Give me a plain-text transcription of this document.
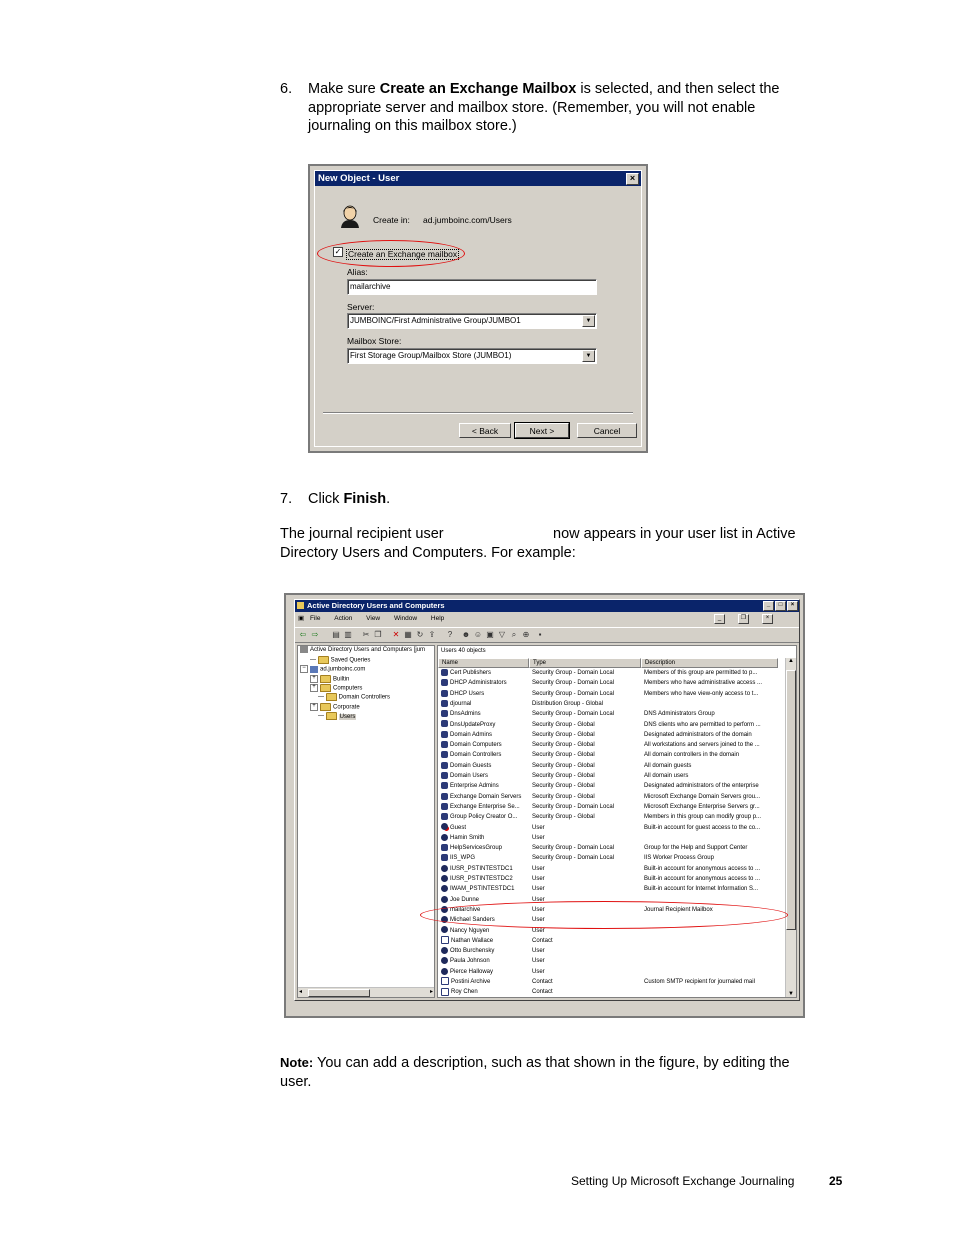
6. Make sure Create an Exchange Mailbox is selected, and then select the
appropriate server and mailbox store. (Remember, you will not enable
journaling on this mailbox store.)
New Object - User	×
Create in: ad.jumboinc.com/Users
✓ Create an Exchange mailbox
Alias:
mailarchive
Server:
JUMBOINC/First Administrative Group/JUMBO1	▼
Mailbox Store:
First Storage Group/Mailbox Store (JUMBO1)	▼
< Back	Next >	Cancel
7. Click Finish.
The journal recipient user	now appears in your user list in Active
Directory Users and Computers. For example:
Active Directory Users and Computers	_ □ ×
▣ File Action View Window Help	_	❐	×
⇦ ⇨ ▤ ▥ ✂ ❐ ✕ ▦ ↻ ⇪	?	☻ ☺ ▣ ▽ ⌕ ⊕	▪
Active Directory Users and Computers [jum
— Saved Queries
− ad.jumboinc.com
+	Builtin
+	Computers
— Domain Controllers
+	Corporate
— Users
◂	▸
Users 40 objects
Name	Type	Description
Cert Publishers	Security Group - Domain Local	Members of this group are permitted to p...
DHCP Administrators	Security Group - Domain Local	Members who have administrative access ...
DHCP Users	Security Group - Domain Local	Members who have view-only access to t...
djournal	Distribution Group - Global
DnsAdmins	Security Group - Domain Local	DNS Administrators Group
DnsUpdateProxy	Security Group - Global	DNS clients who are permitted to perform ...
Domain Admins	Security Group - Global	Designated administrators of the domain
Domain Computers	Security Group - Global	All workstations and servers joined to the ...
Domain Controllers	Security Group - Global	All domain controllers in the domain
Domain Guests	Security Group - Global	All domain guests
Domain Users	Security Group - Global	All domain users
Enterprise Admins	Security Group - Global	Designated administrators of the enterprise
Exchange Domain Servers	Security Group - Global	Microsoft Exchange Domain Servers grou...
Exchange Enterprise Se...	Security Group - Domain Local	Microsoft Exchange Enterprise Servers gr...
Group Policy Creator O...	Security Group - Global	Members in this group can modify group p...
Guest	User	Built-in account for guest access to the co...
Hamin Smith	User
HelpServicesGroup	Security Group - Domain Local	Group for the Help and Support Center
IIS_WPG	Security Group - Domain Local	IIS Worker Process Group
IUSR_PSTINTESTDC1	User	Built-in account for anonymous access to ...
IUSR_PSTINTESTDC2	User	Built-in account for anonymous access to ...
IWAM_PSTINTESTDC1	User	Built-in account for Internet Information S...
Joe Dunne	User
mailarchive	User	Journal Recipient Mailbox
Michael Sanders	User
Nancy Nguyen	User
Nathan Wallace	Contact
Otto Burchensky	User
Paula Johnson	User
Pierce Halloway	User
Postini Archive	Contact	Custom SMTP recipient for journaled mail
Roy Chen	Contact
▲
▼
Note: You can add a description, such as that shown in the figure, by editing the
user.
Setting Up Microsoft Exchange Journaling	25
